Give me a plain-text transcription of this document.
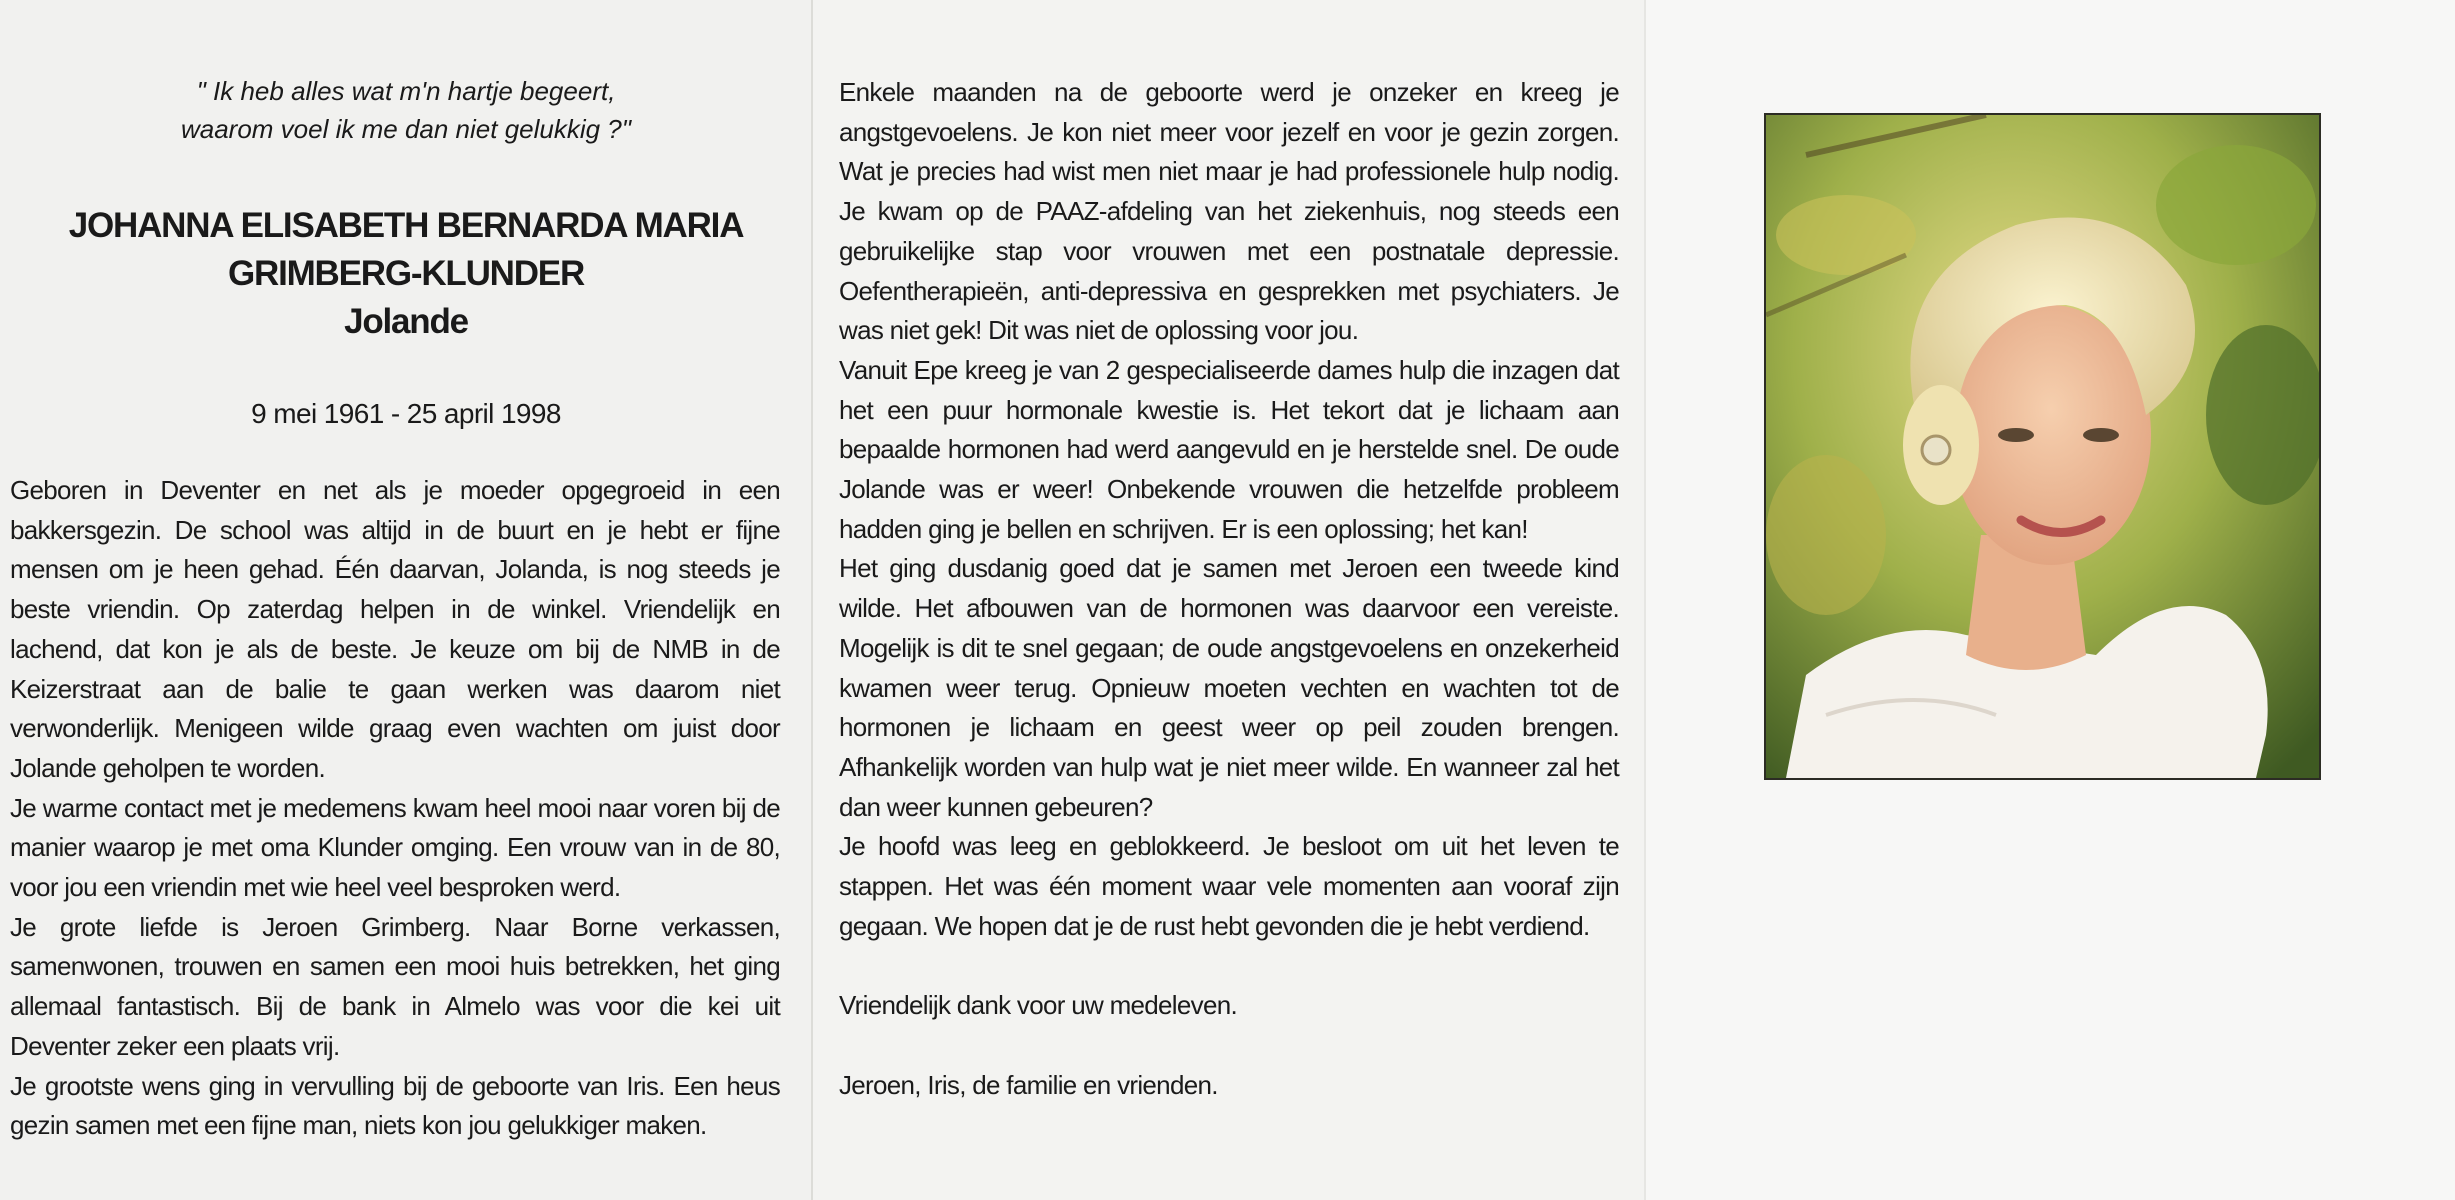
" Ik heb alles wat m'n hartje begeert,
waarom voel ik me dan niet gelukkig ?"
JOHANNA ELISABETH BERNARDA MARIA
GRIMBERG-KLUNDER
Jolande
9 mei 1961 - 25 april 1998

Geboren in Deventer en net als je moeder opgegroeid in een bakkersgezin. De school was altijd in de buurt en je hebt er fijne mensen om je heen gehad. Één daarvan, Jolanda, is nog steeds je beste vriendin. Op zaterdag helpen in de winkel. Vriendelijk en lachend, dat kon je als de beste. Je keuze om bij de NMB in de Keizerstraat aan de balie te gaan werken was daarom niet verwonderlijk. Menigeen wilde graag even wachten om juist door Jolande geholpen te worden.

Je warme contact met je medemens kwam heel mooi naar voren bij de manier waarop je met oma Klunder omging. Een vrouw van in de 80, voor jou een vriendin met wie heel veel besproken werd.

Je grote liefde is Jeroen Grimberg. Naar Borne verkassen, samenwonen, trouwen en samen een mooi huis betrekken, het ging allemaal fantastisch. Bij de bank in Almelo was voor die kei uit Deventer zeker een plaats vrij.

Je grootste wens ging in vervulling bij de geboorte van Iris. Een heus gezin samen met een fijne man, niets kon jou gelukkiger maken.

Enkele maanden na de geboorte werd je onzeker en kreeg je angstgevoelens. Je kon niet meer voor jezelf en voor je gezin zorgen. Wat je precies had wist men niet maar je had professionele hulp nodig. Je kwam op de PAAZ-afdeling van het ziekenhuis, nog steeds een gebruikelijke stap voor vrouwen met een postnatale depressie. Oefentherapieën, anti-depressiva en gesprekken met psychiaters. Je was niet gek! Dit was niet de oplossing voor jou.

Vanuit Epe kreeg je van 2 gespecialiseerde dames hulp die inzagen dat het een puur hormonale kwestie is. Het tekort dat je lichaam aan bepaalde hormonen had werd aangevuld en je herstelde snel. De oude Jolande was er weer! Onbekende vrouwen die hetzelfde probleem hadden ging je bellen en schrijven. Er is een oplossing; het kan!

Het ging dusdanig goed dat je samen met Jeroen een tweede kind wilde. Het afbouwen van de hormonen was daarvoor een vereiste. Mogelijk is dit te snel gegaan; de oude angstgevoelens en onzekerheid kwamen weer terug. Opnieuw moeten vechten en wachten tot de hormonen je lichaam en geest weer op peil zouden brengen. Afhankelijk worden van hulp wat je niet meer wilde. En wanneer zal het dan weer kunnen gebeuren?

Je hoofd was leeg en geblokkeerd. Je besloot om uit het leven te stappen. Het was één moment waar vele momenten aan vooraf zijn gegaan. We hopen dat je de rust hebt gevonden die je hebt verdiend.

Vriendelijk dank voor uw medeleven.

Jeroen, Iris, de familie en vrienden.
